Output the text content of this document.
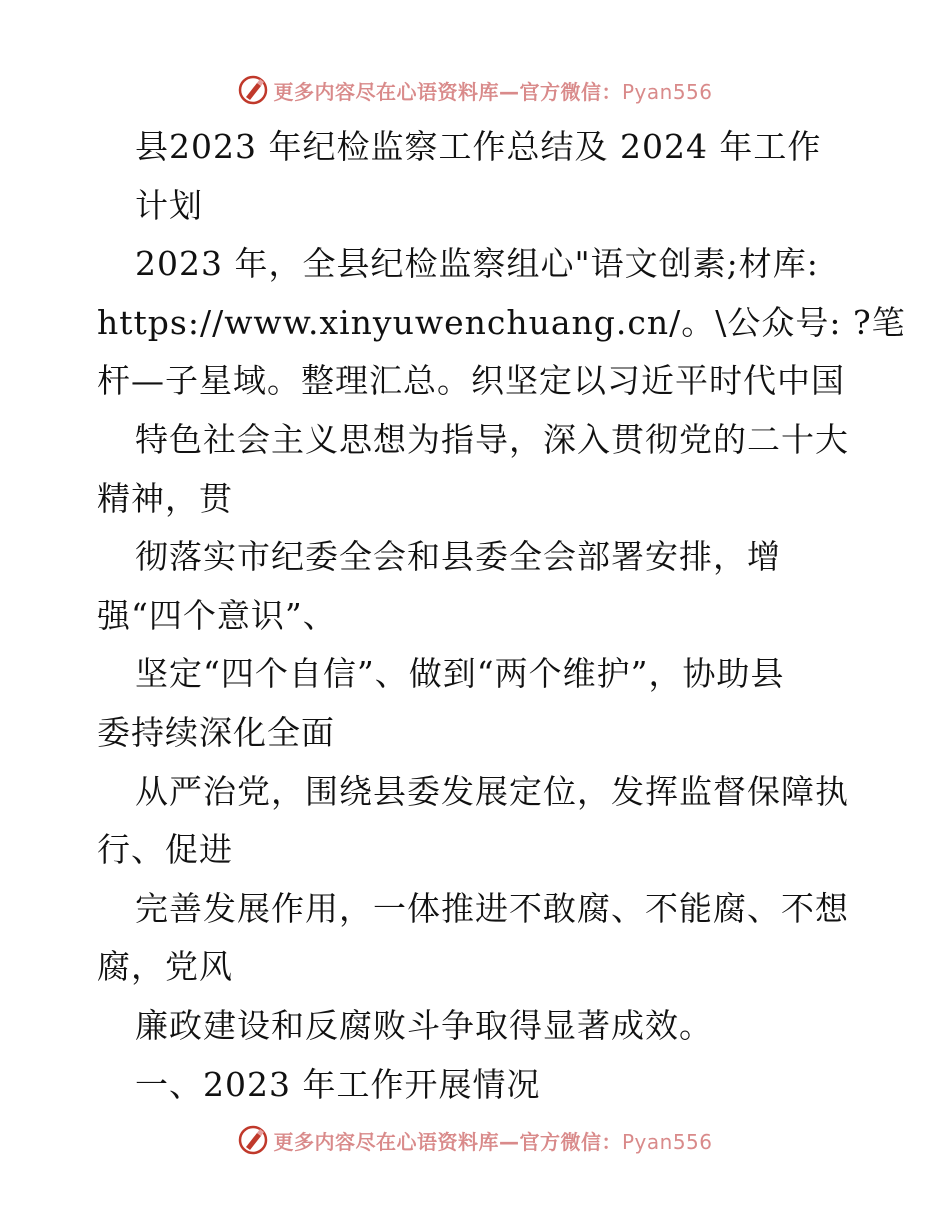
更多内容尽在心语资料库—官方微信：Pyan556
县2023 年纪检监察工作总结及 2024 年工作
计划
2023 年，全县纪检监察组心"语文创素;材库:
https://www.xinyuwenchuang.cn/。\公众号: ?笔
杆—子星域。整理汇总。织坚定以习近平时代中国
特色社会主义思想为指导，深入贯彻党的二十大
精神，贯
彻落实市纪委全会和县委全会部署安排，增
强“四个意识”、
坚定“四个自信”、做到“两个维护”，协助县
委持续深化全面
从严治党，围绕县委发展定位，发挥监督保障执
行、促进
完善发展作用，一体推进不敢腐、不能腐、不想
腐，党风
廉政建设和反腐败斗争取得显著成效。
一、2023 年工作开展情况
更多内容尽在心语资料库—官方微信：Pyan556
